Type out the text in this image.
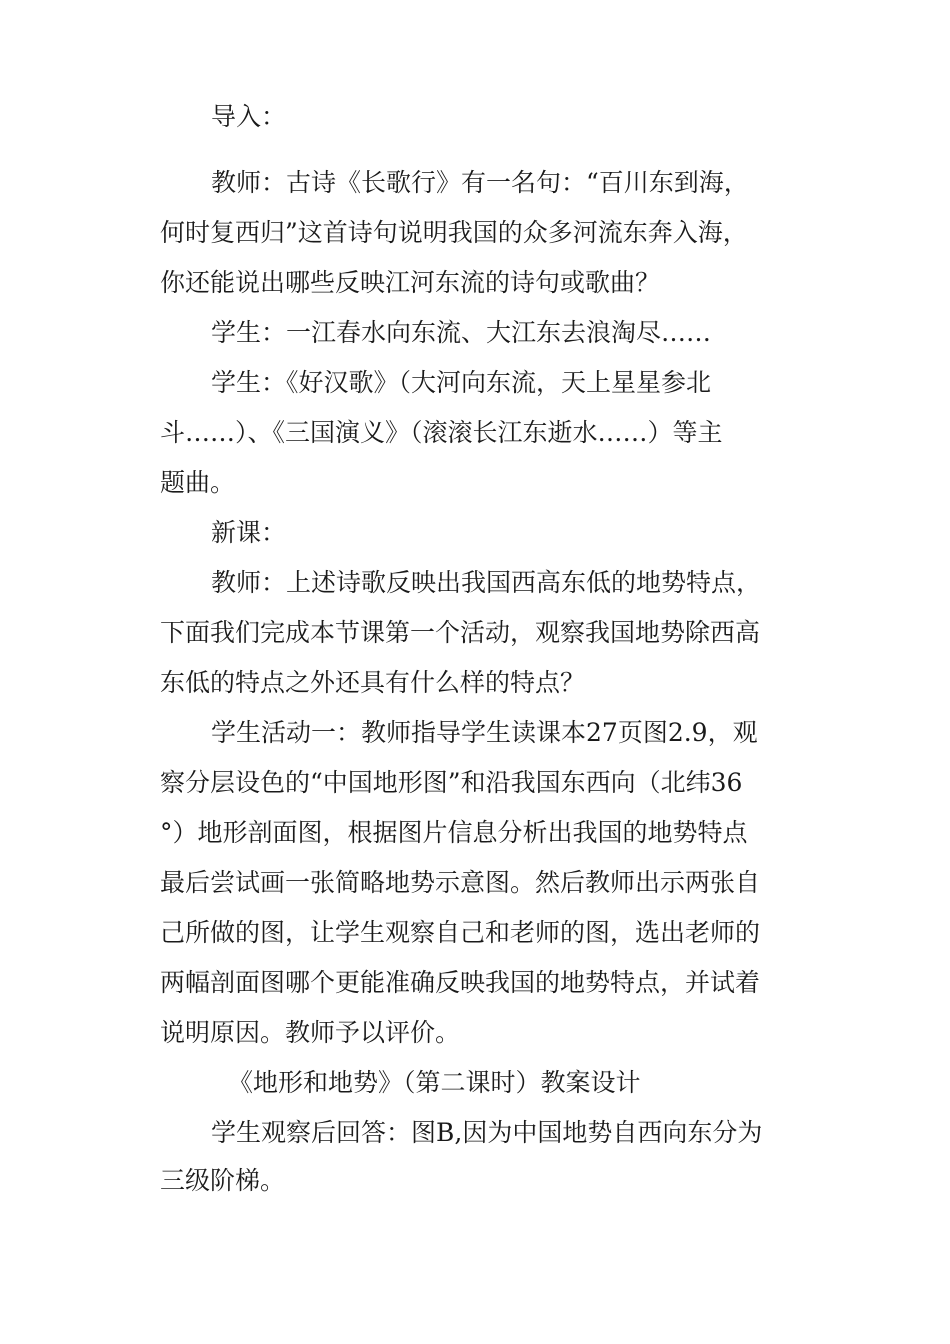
导入：
教师：古诗《长歌行》有一名句：“百川东到海，
何时复西归”这首诗句说明我国的众多河流东奔入海，
你还能说出哪些反映江河东流的诗句或歌曲？
学生：一江春水向东流、大江东去浪淘尽……
学生：《好汉歌》（大河向东流，天上星星参北
斗……）、《三国演义》（滚滚长江东逝水……）等主
题曲。
新课：
教师：上述诗歌反映出我国西高东低的地势特点，
下面我们完成本节课第一个活动，观察我国地势除西高
东低的特点之外还具有什么样的特点？
学生活动一：教师指导学生读课本27页图2.9，观
察分层设色的“中国地形图”和沿我国东西向（北纬36
°）地形剖面图，根据图片信息分析出我国的地势特点
最后尝试画一张简略地势示意图。然后教师出示两张自
己所做的图，让学生观察自己和老师的图，选出老师的
两幅剖面图哪个更能准确反映我国的地势特点，并试着
说明原因。教师予以评价。
《地形和地势》（第二课时）教案设计
学生观察后回答：图B,因为中国地势自西向东分为
三级阶梯。
